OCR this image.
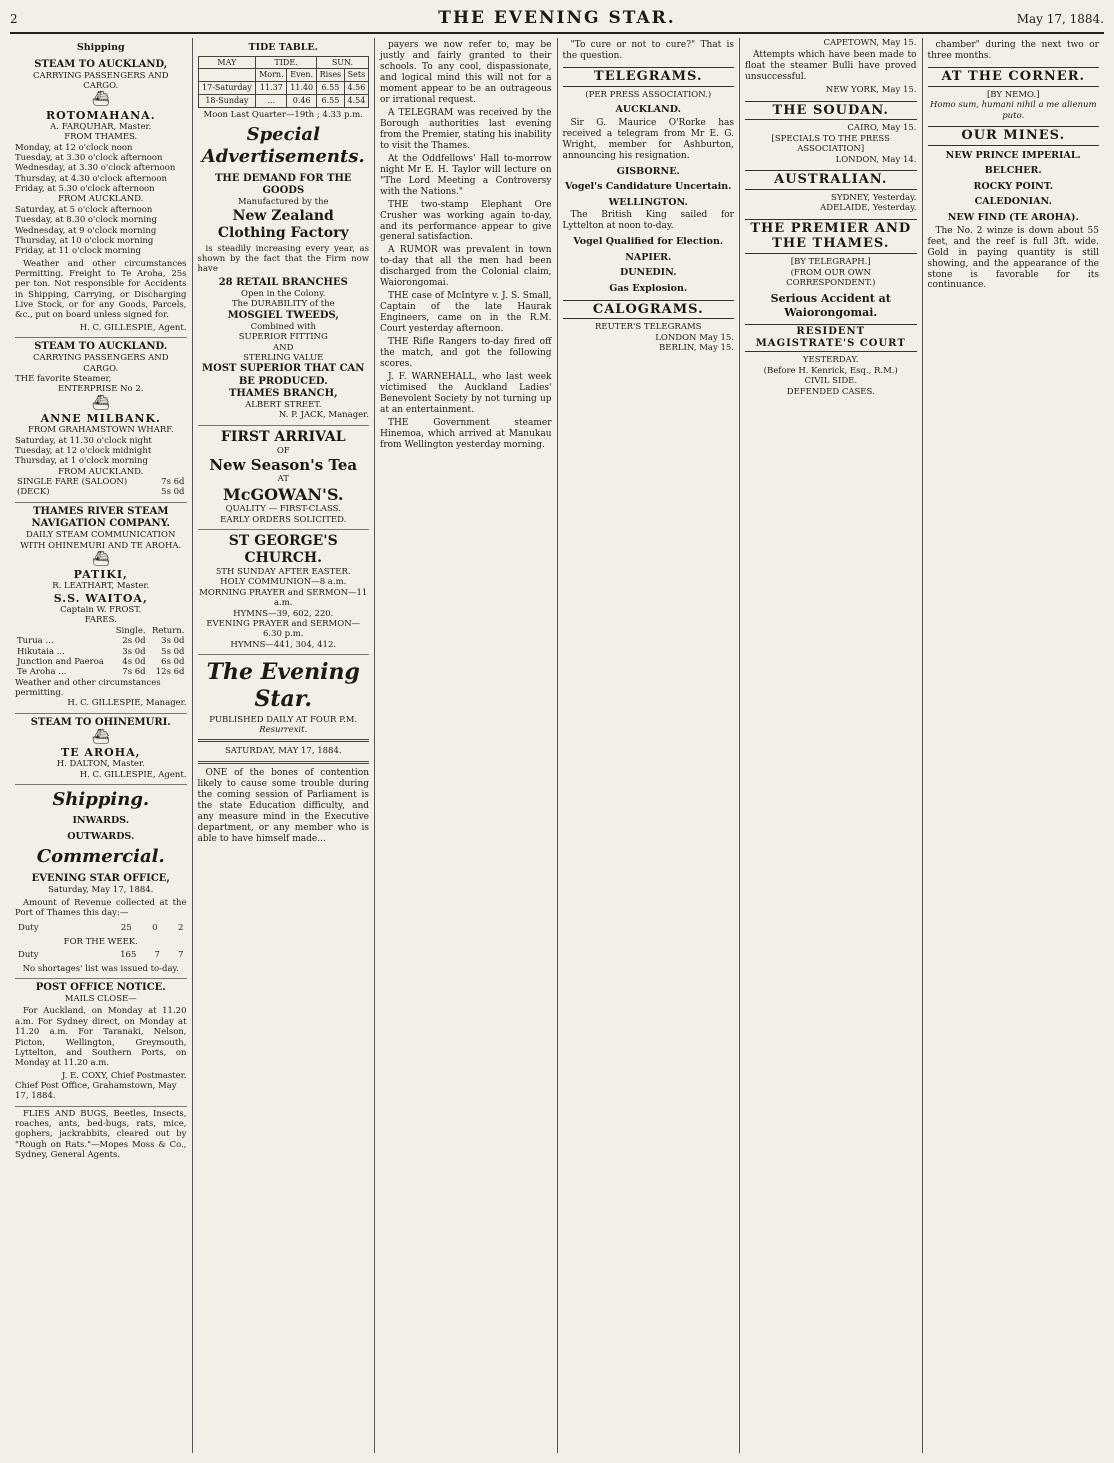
2	THE EVENING STAR.	May 17, 1884.
Shipping
STEAM TO AUCKLAND,
CARRYING PASSENGERS AND CARGO.
⛴
ROTOMAHANA.
A. FARQUHAR, Master.
FROM THAMES.
Monday, at 12 o'clock noon
Tuesday, at 3.30 o'clock afternoon
Wednesday, at 3.30 o'clock afternoon
Thursday, at 4.30 o'clock afternoon
Friday, at 5.30 o'clock afternoon
FROM AUCKLAND.
Saturday, at 5 o'clock afternoon
Tuesday, at 8.30 o'clock morning
Wednesday, at 9 o'clock morning
Thursday, at 10 o'clock morning
Friday, at 11 o'clock morning

Weather and other circumstances Permitting. Freight to Te Aroha, 25s per ton. Not responsible for Accidents in Shipping, Carrying, or Discharging Live Stock, or for any Goods, Parcels, &c., put on board unless signed for.

H. C. GILLESPIE, Agent.
STEAM TO AUCKLAND.
CARRYING PASSENGERS AND CARGO.
THE favorite Steamer,
ENTERPRISE No 2.
⛴
ANNE MILBANK.
FROM GRAHAMSTOWN WHARF.
Saturday, at 11.30 o'clock night
Tuesday, at 12 o'clock midnight
Thursday, at 1 o'clock morning
FROM AUCKLAND.
SINGLE FARE (SALOON)	7s 6d
(DECK)	5s 0d
THAMES RIVER STEAM NAVIGATION COMPANY.
DAILY STEAM COMMUNICATION WITH OHINEMURI AND TE AROHA.
⛴
PATIKI,
R. LEATHART, Master.
S.S. WAITOA,
Captain W. FROST.
FARES.
	Single.	Return.
Turua ...	2s 0d	3s 0d
Hikutaia ...	3s 0d	5s 0d
Junction and Paeroa	4s 0d	6s 0d
Te Aroha ...	7s 6d	12s 6d
Weather and other circumstances permitting.
H. C. GILLESPIE, Manager.
STEAM TO OHINEMURI.
⛴
TE AROHA,
H. DALTON, Master.
H. C. GILLESPIE, Agent.
Shipping.
INWARDS.
OUTWARDS.
Commercial.
EVENING STAR OFFICE,
Saturday, May 17, 1884.

Amount of Revenue collected at the Port of Thames this day:—

Duty	25	0	2
FOR THE WEEK.
Duty	165	7	7
No shortages' list was issued to-day.
POST OFFICE NOTICE.
MAILS CLOSE—

For Auckland, on Monday at 11.20 a.m. For Sydney direct, on Monday at 11.20 a.m. For Taranaki, Nelson, Picton, Wellington, Greymouth, Lyttelton, and Southern Ports, on Monday at 11.20 a.m.

J. E. COXY, Chief Postmaster.
Chief Post Office, Grahamstown, May 17, 1884.

FLIES AND BUGS, Beetles, Insects, roaches, ants, bed-bugs, rats, mice, gophers, jackrabbits, cleared out by "Rough on Rats."—Mopes Moss & Co., Sydney, General Agents.

TIDE TABLE.
MAY	TIDE.		SUN.	
	Morn.	Even.	Rises	Sets
17-Saturday	11.37	11.40	6.55	4.56
18-Sunday	...	0.46	6.55	4.54
Moon Last Quarter—19th ; 4.33 p.m.
Special Advertisements.
THE DEMAND FOR THE GOODS
Manufactured by the
New Zealand Clothing Factory

is steadily increasing every year, as shown by the fact that the Firm now have

28 RETAIL BRANCHES
Open in the Colony.
The DURABILITY of the
MOSGIEL TWEEDS,
Combined with
SUPERIOR FITTING
AND
STERLING VALUE
MOST SUPERIOR THAT CAN BE PRODUCED.
THAMES BRANCH,
ALBERT STREET.
N. P. JACK, Manager.
FIRST ARRIVAL
OF
New Season's Tea
AT
McGOWAN'S.
QUALITY — FIRST-CLASS.
EARLY ORDERS SOLICITED.
ST GEORGE'S CHURCH.
5TH SUNDAY AFTER EASTER.
HOLY COMMUNION—8 a.m.
MORNING PRAYER and SERMON—11 a.m.
HYMNS—39, 602, 220.
EVENING PRAYER and SERMON—6.30 p.m.
HYMNS—441, 304, 412.
The Evening Star.
PUBLISHED DAILY AT FOUR P.M.
Resurrexit.
SATURDAY, MAY 17, 1884.

ONE of the bones of contention likely to cause some trouble during the coming session of Parliament is the state Education difficulty, and any measure mind in the Executive department, or any member who is able to have himself made...

payers we now refer to, may be justly and fairly granted to their schools. To any cool, dispassionate, and logical mind this will not for a moment appear to be an outrageous or irrational request.

A TELEGRAM was received by the Borough authorities last evening from the Premier, stating his inability to visit the Thames.

At the Oddfellows' Hall to-morrow night Mr E. H. Taylor will lecture on "The Lord Meeting a Controversy with the Nations."

THE two-stamp Elephant Ore Crusher was working again to-day, and its performance appear to give general satisfaction.

A RUMOR was prevalent in town to-day that all the men had been discharged from the Colonial claim, Waiorongomai.

THE case of McIntyre v. J. S. Small, Captain of the late Haurak Engineers, came on in the R.M. Court yesterday afternoon.

THE Rifle Rangers to-day fired off the match, and got the following scores.

J. F. WARNEHALL, who last week victimised the Auckland Ladies' Benevolent Society by not turning up at an entertainment.

THE Government steamer Hinemoa, which arrived at Manukau from Wellington yesterday morning.

"To cure or not to cure?" That is the question.

TELEGRAMS.
(PER PRESS ASSOCIATION.)
AUCKLAND.

Sir G. Maurice O'Rorke has received a telegram from Mr E. G. Wright, member for Ashburton, announcing his resignation.

GISBORNE.
Vogel's Candidature Uncertain.
WELLINGTON.

The British King sailed for Lyttelton at noon to-day.

Vogel Qualified for Election.
NAPIER.
DUNEDIN.
Gas Explosion.
CALOGRAMS.
REUTER'S TELEGRAMS
LONDON May 15.
BERLIN, May 15.
CAPETOWN, May 15.

Attempts which have been made to float the steamer Bulli have proved unsuccessful.

NEW YORK, May 15.
THE SOUDAN.
CAIRO, May 15.
[SPECIALS TO THE PRESS ASSOCIATION]
LONDON, May 14.
AUSTRALIAN.
SYDNEY, Yesterday.
ADELAIDE, Yesterday.
THE PREMIER AND THE THAMES.
[BY TELEGRAPH.]
(FROM OUR OWN CORRESPONDENT.)
Serious Accident at Waiorongomai.
RESIDENT MAGISTRATE'S COURT
YESTERDAY.
(Before H. Kenrick, Esq., R.M.)
CIVIL SIDE.
DEFENDED CASES.

chamber" during the next two or three months.

AT THE CORNER.
[BY NEMO.]
Homo sum, humani nihil a me alienum puto.
OUR MINES.
NEW PRINCE IMPERIAL.
BELCHER.
ROCKY POINT.
CALEDONIAN.
NEW FIND (TE AROHA).

The No. 2 winze is down about 55 feet, and the reef is full 3ft. wide. Gold in paying quantity is still showing, and the appearance of the stone is favorable for its continuance.
